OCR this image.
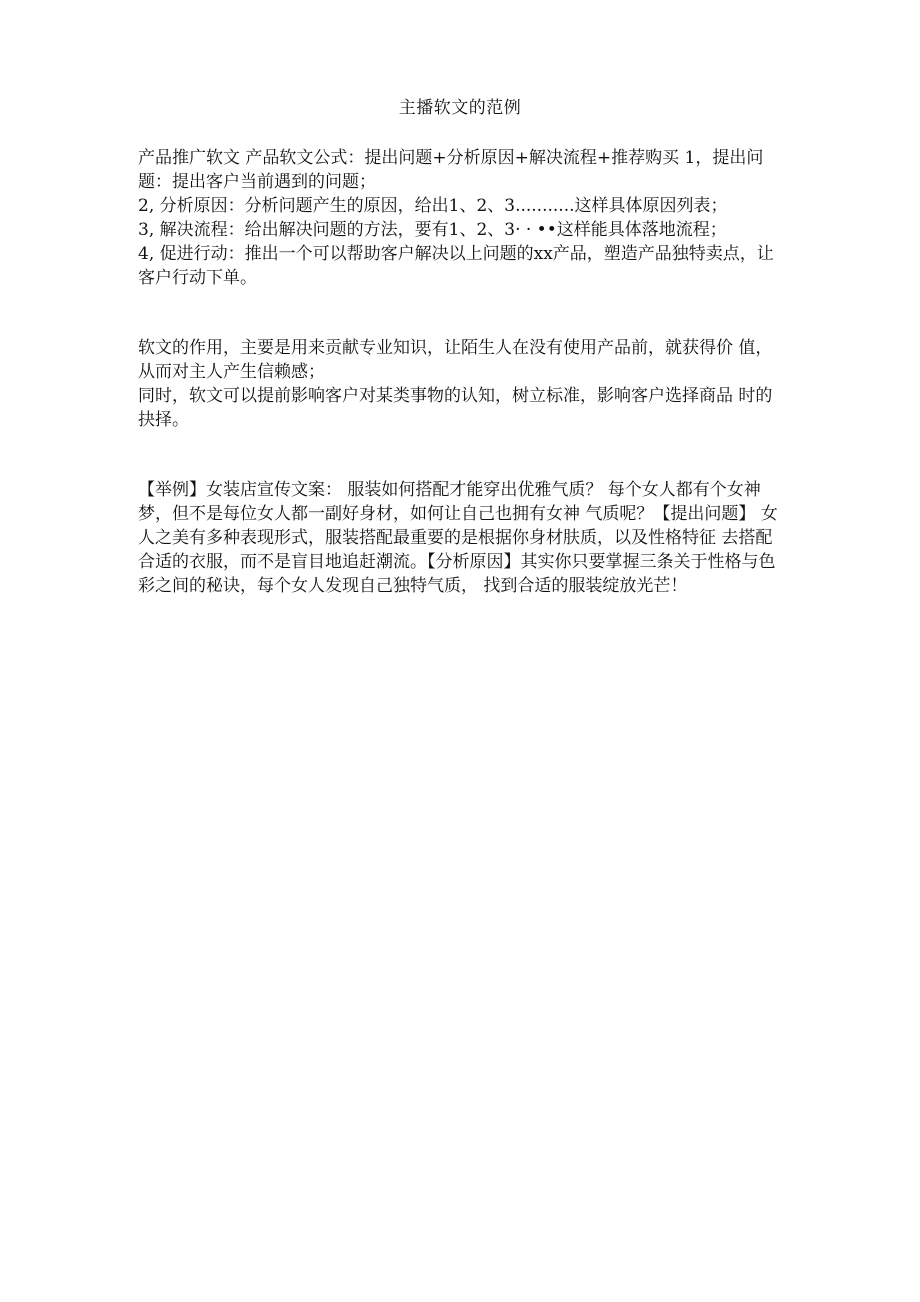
主播软文的范例

产品推广软文 产品软文公式：提出问题+分析原因+解决流程+推荐购买 1，提出问题：提出客户当前遇到的问题；

2, 分析原因：分析问题产生的原因，给出1、2、3...........这样具体原因列表；

3, 解决流程：给出解决问题的方法，要有1、2、3· · ••这样能具体落地流程；

4, 促进行动：推出一个可以帮助客户解决以上问题的xx产品，塑造产品独特卖点，让客户行动下单。

软文的作用，主要是用来贡献专业知识，让陌生人在没有使用产品前，就获得价 值，从而对主人产生信赖感；

同时，软文可以提前影响客户对某类事物的认知，树立标准，影响客户选择商品 时的抉择。

【举例】女装店宣传文案： 服装如何搭配才能穿出优雅气质？ 每个女人都有个女神梦，但不是每位女人都一副好身材，如何让自己也拥有女神 气质呢？【提出问题】 女人之美有多种表现形式，服装搭配最重要的是根据你身材肤质，以及性格特征 去搭配合适的衣服，而不是盲目地追赶潮流。【分析原因】其实你只要掌握三条关于性格与色彩之间的秘诀，每个女人发现自己独特气质， 找到合适的服装绽放光芒！
